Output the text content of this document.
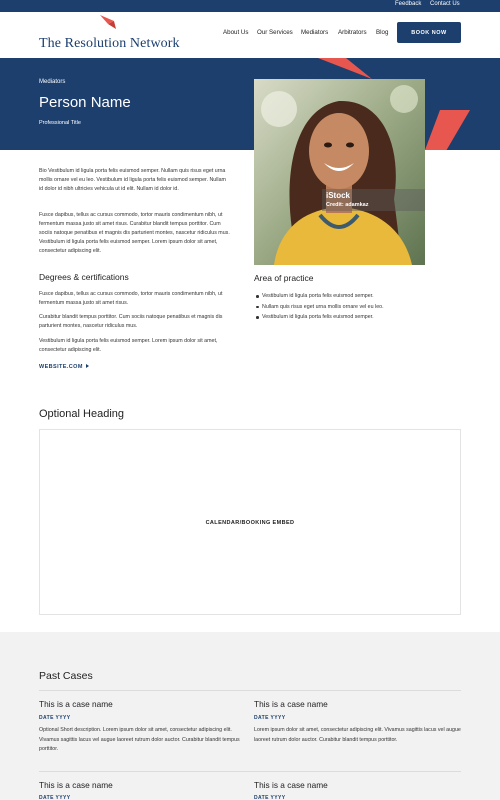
Feedback Contact Us
The Resolution Network
About Us Our Services Mediators Arbitrators Blog	BOOK NOW
Mediators
Person Name
Professional Title
iStock
Credit: adamkaz

Bio Vestibulum id ligula porta felis euismod semper. Nullam quis risus eget urna mollis ornare vel eu leo. Vestibulum id ligula porta felis euismod semper. Nullam id dolor id nibh ultricies vehicula ut id elit. Nullam id dolor id.

Fusce dapibus, tellus ac cursus commodo, tortor mauris condimentum nibh, ut fermentum massa justo sit amet risus. Curabitur blandit tempus porttitor. Cum sociis natoque penatibus et magnis dis parturient montes, nascetur ridiculus mus. Vestibulum id ligula porta felis euismod semper. Lorem ipsum dolor sit amet, consectetur adipiscing elit.

Degrees & certifications

Fusce dapibus, tellus ac cursus commodo, tortor mauris condimentum nibh, ut fermentum massa justo sit amet risus.

Curabitur blandit tempus porttitor. Cum sociis natoque penatibus et magnis dis parturient montes, nascetur ridiculus mus.

Vestibulum id ligula porta felis euismod semper. Lorem ipsum dolor sit amet, consectetur adipiscing elit.

WEBSITE.COM
Area of practice
Vestibulum id ligula porta felis euismod semper.
Nullam quis risus eget urna mollis ornare vel eu leo.
Vestibulum id ligula porta felis euismod semper.
Optional Heading
CALENDAR/BOOKING EMBED
Past Cases
This is a case name
DATE YYYY
Optional Short description. Lorem ipsum dolor sit amet, consectetur adipiscing elit. Vivamus sagittis lacus vel augue laoreet rutrum dolor auctor. Curabitur blandit tempus porttitor.
This is a case name
DATE YYYY
Lorem ipsum dolor sit amet, consectetur adipiscing elit. Vivamus sagittis lacus vel augue laoreet rutrum dolor auctor. Curabitur blandit tempus porttitor.
This is a case name
DATE YYYY
This is a case name
DATE YYYY
